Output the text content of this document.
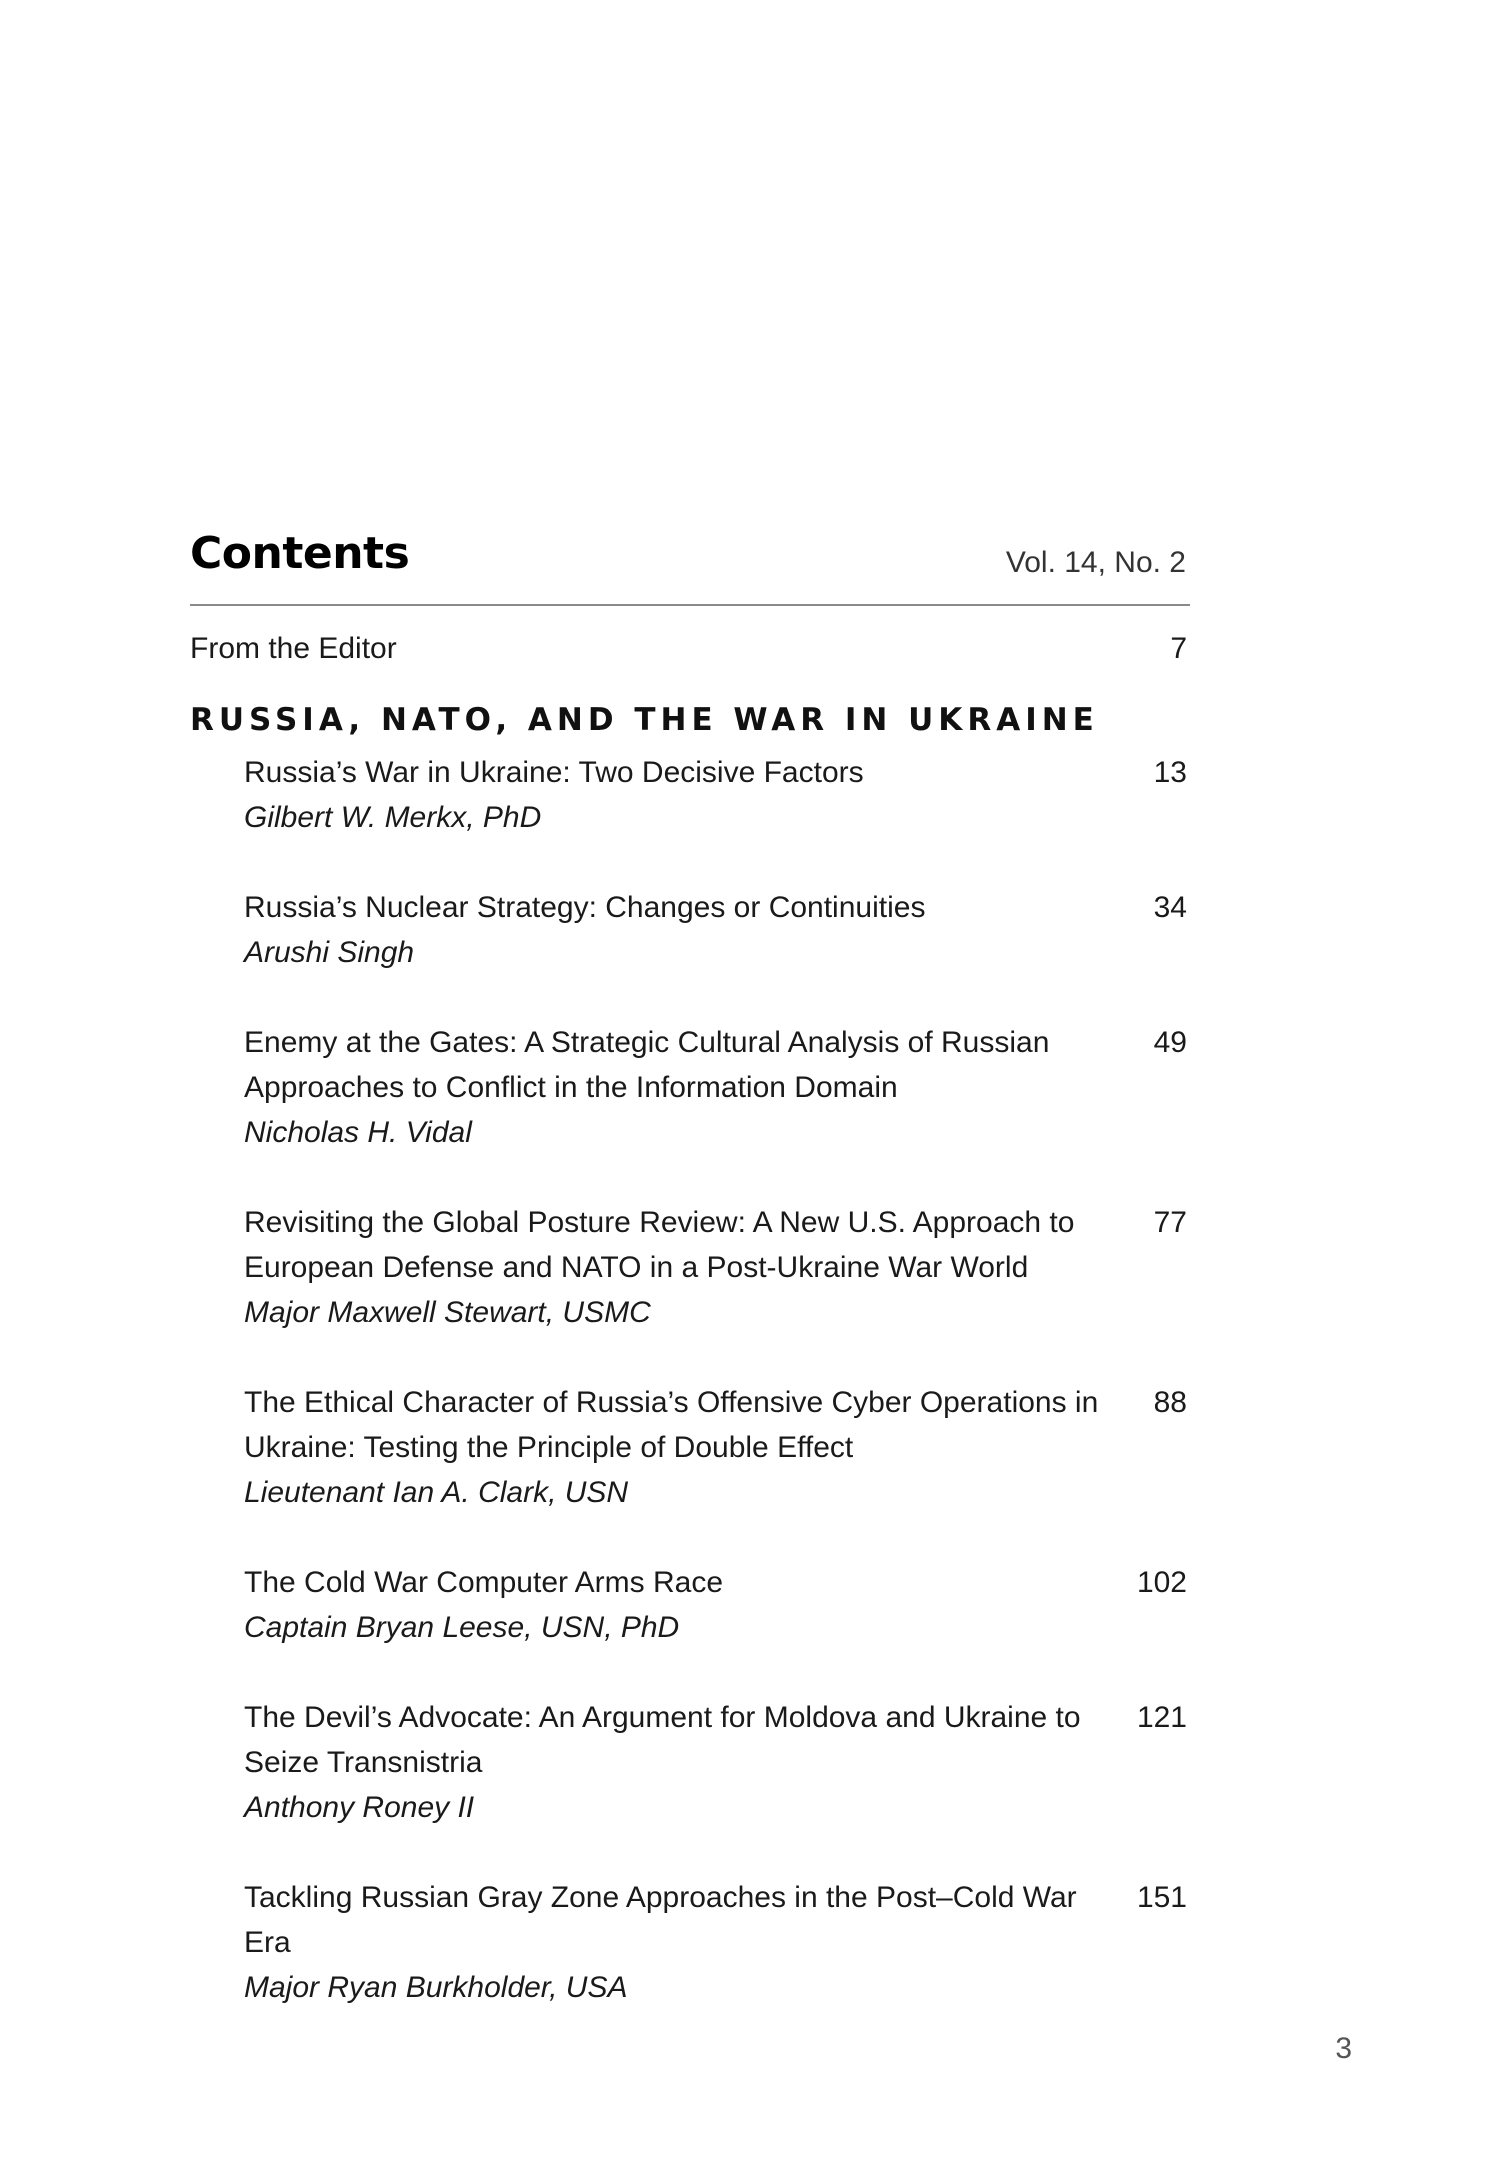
Contents	Vol. 14, No. 2
From the Editor	7
RUSSIA, NATO, AND THE WAR IN UKRAINE
Russia’s War in Ukraine: Two Decisive Factors
Gilbert W. Merkx, PhD
13
Russia’s Nuclear Strategy: Changes or Continuities
Arushi Singh
34
Enemy at the Gates: A Strategic Cultural Analysis of Russian Approaches to Conflict in the Information Domain
Nicholas H. Vidal
49
Revisiting the Global Posture Review: A New U.S. Approach to European Defense and NATO in a Post-Ukraine War World
Major Maxwell Stewart, USMC
77
The Ethical Character of Russia’s Offensive Cyber Operations in Ukraine: Testing the Principle of Double Effect
Lieutenant Ian A. Clark, USN
88
The Cold War Computer Arms Race
Captain Bryan Leese, USN, PhD
102
The Devil’s Advocate: An Argument for Moldova and Ukraine to Seize Transnistria
Anthony Roney II
121
Tackling Russian Gray Zone Approaches in the Post–Cold War Era
Major Ryan Burkholder, USA
151
3
